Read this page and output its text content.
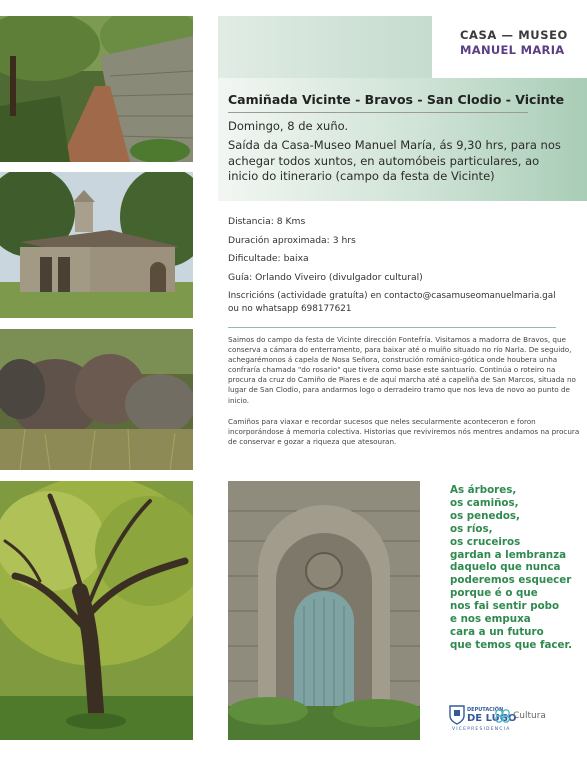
CASA — MUSEO
MANUEL MARIA
Camiñada Vicinte - Bravos - San Clodio - Vicinte
Domingo, 8 de xuño.
Saída da Casa-Museo Manuel María, ás 9,30 hrs, para nos achegar todos xuntos, en automóbeis particulares, ao inicio do itinerario (campo da festa de Vicinte)
Distancia: 8 Kms
Duración aproximada: 3 hrs
Dificultade: baixa
Guía: Orlando Viveiro (divulgador cultural)
Inscricións (actividade gratuíta) en contacto@casamuseomanuelmaria.gal
ou no whatsapp 698177621
Saimos do campo da festa de Vicinte dirección Fontefría. Visitamos a madorra de Bravos, que conserva a cámara do enterramento, para baixar até o muíño situado no río Narla. De seguido, achegarémonos á capela de Nosa Señora, construción románico-gótica onde houbera unha confraría chamada "do rosario" que tivera como base este santuario. Continúa o roteiro na procura da cruz do Camiño de Piares e de aquí marcha até a capeliña de San Marcos, situada no lugar de San Clodio, para andarmos logo o derradeiro tramo que nos leva de novo ao punto de inicio.
Camiños para viaxar e recordar sucesos que neles secularmente aconteceron e foron incorporándose á memoria colectiva. Historias que reviviremos nós mentres andamos na procura de conservar e gozar a riqueza que atesouran.
As árbores,
os camiños,
os penedos,
os ríos,
os cruceiros
gardan a lembranza
daquelo que nunca
poderemos esquecer
porque é o que
nos fai sentir pobo
e nos empuxa
cara a un futuro
que temos que facer.
DEPUTACIÓN
DE LUGO
Cultura
VICEPRESIDENCIA
